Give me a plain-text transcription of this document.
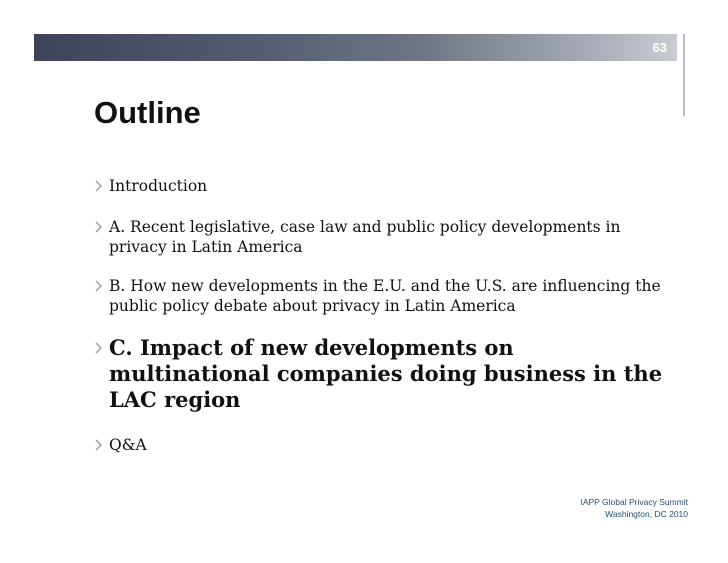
63
Outline
Introduction
A. Recent legislative, case law and public policy developments in privacy in Latin America
B. How new developments in the E.U. and the U.S. are influencing the public policy debate about privacy in Latin America
C. Impact of new developments on multinational companies doing business in the LAC region
Q&A
IAPP Global Privacy Summit
Washington, DC 2010
